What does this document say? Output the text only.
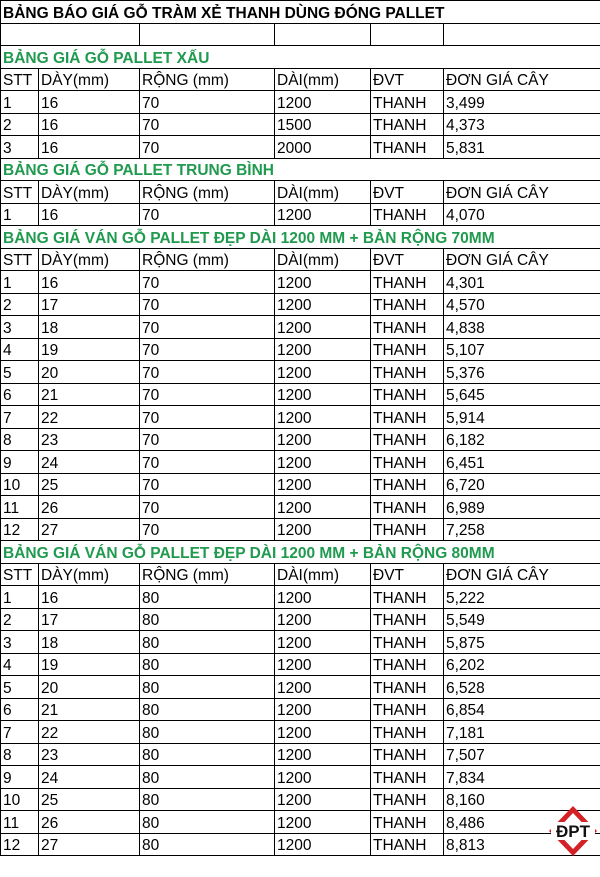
BẢNG BÁO GIÁ GỖ TRÀM XẺ THANH DÙNG ĐÓNG PALLET					

BẢNG GIÁ GỖ PALLET XẤU					
STT	DÀY(mm)	RỘNG (mm)	DÀI(mm)	ĐVT	ĐƠN GIÁ CÂY
1	16	70	1200	THANH	3,499
2	16	70	1500	THANH	4,373
3	16	70	2000	THANH	5,831
BẢNG GIÁ GỖ PALLET TRUNG BÌNH					
STT	DÀY(mm)	RỘNG (mm)	DÀI(mm)	ĐVT	ĐƠN GIÁ CÂY
1	16	70	1200	THANH	4,070
BẢNG GIÁ VÁN GỖ PALLET ĐẸP DÀI 1200 MM + BẢN RỘNG 70MM					
STT	DÀY(mm)	RỘNG (mm)	DÀI(mm)	ĐVT	ĐƠN GIÁ CÂY
1	16	70	1200	THANH	4,301
2	17	70	1200	THANH	4,570
3	18	70	1200	THANH	4,838
4	19	70	1200	THANH	5,107
5	20	70	1200	THANH	5,376
6	21	70	1200	THANH	5,645
7	22	70	1200	THANH	5,914
8	23	70	1200	THANH	6,182
9	24	70	1200	THANH	6,451
10	25	70	1200	THANH	6,720
11	26	70	1200	THANH	6,989
12	27	70	1200	THANH	7,258
BẢNG GIÁ VÁN GỖ PALLET ĐẸP DÀI 1200 MM + BẢN RỘNG 80MM					
STT	DÀY(mm)	RỘNG (mm)	DÀI(mm)	ĐVT	ĐƠN GIÁ CÂY
1	16	80	1200	THANH	5,222
2	17	80	1200	THANH	5,549
3	18	80	1200	THANH	5,875
4	19	80	1200	THANH	6,202
5	20	80	1200	THANH	6,528
6	21	80	1200	THANH	6,854
7	22	80	1200	THANH	7,181
8	23	80	1200	THANH	7,507
9	24	80	1200	THANH	7,834
10	25	80	1200	THANH	8,160
11	26	80	1200	THANH	8,486
12	27	80	1200	THANH	8,813
ĐPT
